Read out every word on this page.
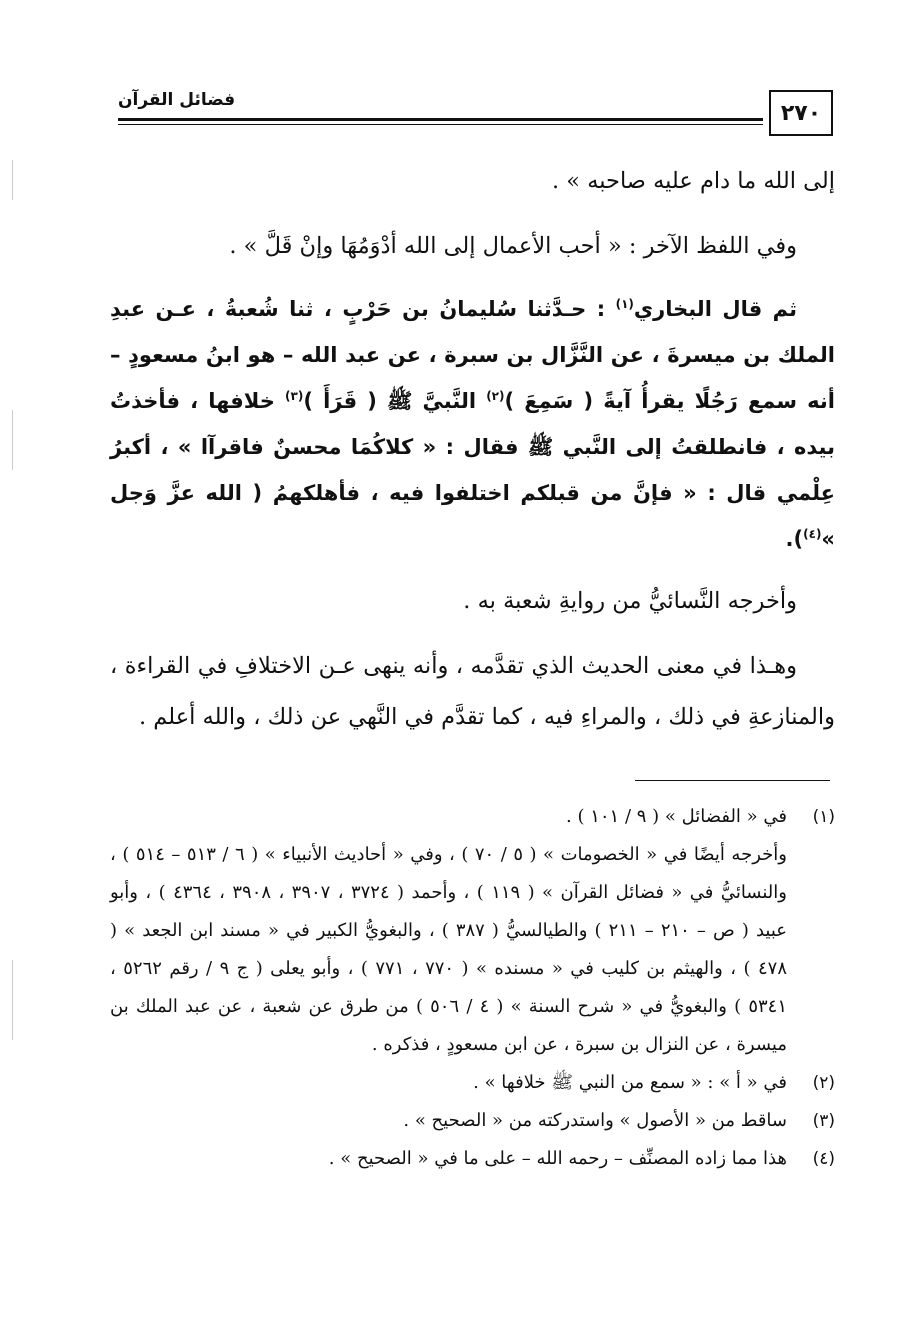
٢٧٠
فضائل القرآن

إلى الله ما دام عليه صاحبه » .

وفي اللفظ الآخر : « أحب الأعمال إلى الله أدْوَمُهَا وإنْ قَلَّ » .

ثم قال البخاري$^{(١)}$ : حـدَّثنا سُليمانُ بن حَرْبٍ ، ثنا شُعبةُ ، عـن عبدِ الملك بن ميسرةَ ، عن النَّزَّال بن سبرة ، عن عبد الله – هو ابنُ مسعودٍ – أنه سمع رَجُلًا يقرأُ آيةً ( سَمِعَ )$^{(٢)}$ النَّبيَّ ﷺ ( قَرَأَ )$^{(٣)}$ خلافها ، فأخذتُ بيده ، فانطلقتُ إلى النَّبي ﷺ فقال : « كلاكُمَا محسنٌ فاقرآا » ، أكبرُ عِلْمي قال : « فإنَّ من قبلكم اختلفوا فيه ، فأهلكهمُ ( الله عزَّ وَجل »$^{(٤)}$).

وأخرجه النَّسائيُّ من روايةِ شعبة به .

وهـذا في معنى الحديث الذي تقدَّمه ، وأنه ينهى عـن الاختلافِ في القراءة ، والمنازعةِ في ذلك ، والمراءِ فيه ، كما تقدَّم في النَّهي عن ذلك ، والله أعلم .

(١)
في « الفضائل » ( ٩ / ١٠١ ) .
وأخرجه أيضًا في « الخصومات » ( ٥ / ٧٠ ) ، وفي « أحاديث الأنبياء » ( ٦ / ٥١٣ – ٥١٤ ) ، والنسائيُّ في « فضائل القرآن » ( ١١٩ ) ، وأحمد ( ٣٧٢٤ ، ٣٩٠٧ ، ٣٩٠٨ ، ٤٣٦٤ ) ، وأبو عبيد ( ص – ٢١٠ – ٢١١ ) والطيالسيُّ ( ٣٨٧ ) ، والبغويُّ الكبير في « مسند ابن الجعد » ( ٤٧٨ ) ، والهيثم بن كليب في « مسنده » ( ٧٧٠ ، ٧٧١ ) ، وأبو يعلى ( ج ٩ / رقم ٥٢٦٢ ، ٥٣٤١ ) والبغويُّ في « شرح السنة » ( ٤ / ٥٠٦ ) من طرق عن شعبة ، عن عبد الملك بن ميسرة ، عن النزال بن سبرة ، عن ابن مسعودٍ ، فذكره .
(٢)
في « أ » : « سمع من النبي ﷺ خلافها » .
(٣)
ساقط من « الأصول » واستدركته من « الصحيح » .
(٤)
هذا مما زاده المصنِّف – رحمه الله – على ما في « الصحيح » .
